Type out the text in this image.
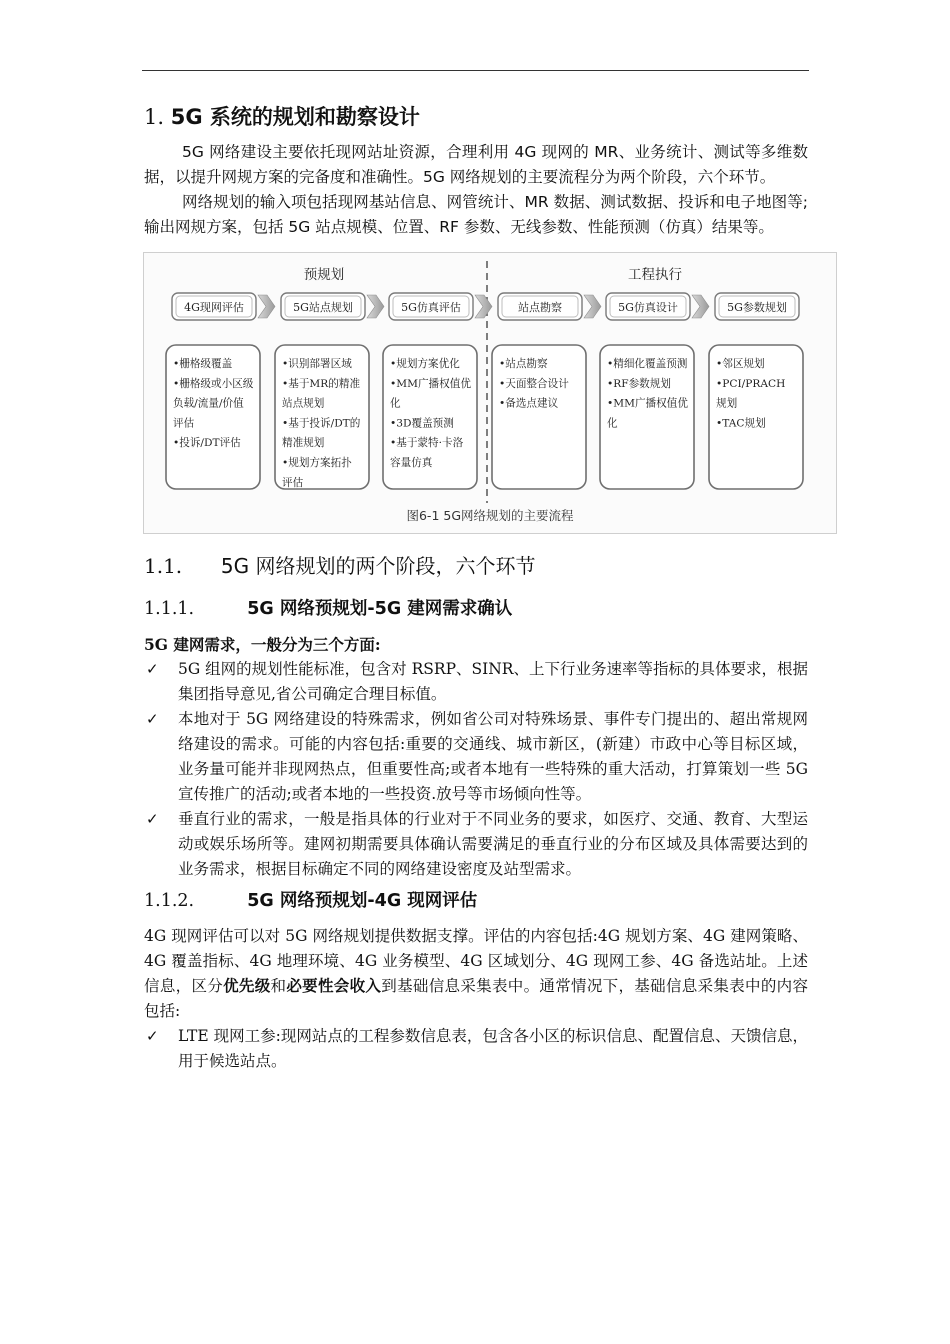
1. 5G 系统的规划和勘察设计

5G 网络建设主要依托现网站址资源，合理利用 4G 现网的 MR、业务统计、测试等多维数据，以提升网规方案的完备度和准确性。5G 网络规划的主要流程分为两个阶段，六个环节。

网络规划的输入项包括现网基站信息、网管统计、MR 数据、测试数据、投诉和电子地图等;输出网规方案，包括 5G 站点规模、位置、RF 参数、无线参数、性能预测（仿真）结果等。

预规划	工程执行
4G现网评估	5G站点规划	5G仿真评估	站点勘察	5G仿真设计	5G参数规划
•栅格级覆盖
•栅格级或小区级
负载/流量/价值
评估
•投诉/DT评估
•识别部署区域
•基于MR的精准
站点规划
•基于投诉/DT的
精准规划
•规划方案拓扑
评估
•规划方案优化
•MM广播权值优
化
•3D覆盖预测
•基于蒙特·卡洛
容量仿真
•站点勘察
•天面整合设计
•备选点建议
•精细化覆盖预测
•RF参数规划
•MM广播权值优
化
•邻区规划
•PCI/PRACH
规划
•TAC规划
图6-1 5G网络规划的主要流程
1.1. 5G 网络规划的两个阶段，六个环节
1.1.1.	5G 网络预规划-5G 建网需求确认

5G 建网需求，一般分为三个方面:

✓ 5G 组网的规划性能标准，包含对 RSRP、SINR、上下行业务速率等指标的具体要求，根据集团指导意见,省公司确定合理目标值。
✓ 本地对于 5G 网络建设的特殊需求，例如省公司对特殊场景、事件专门提出的、超出常规网络建设的需求。可能的内容包括:重要的交通线、城市新区，(新建）市政中心等目标区域，业务量可能并非现网热点，但重要性高;或者本地有一些特殊的重大活动，打算策划一些 5G 宣传推广的活动;或者本地的一些投资.放号等市场倾向性等。
✓ 垂直行业的需求，一般是指具体的行业对于不同业务的要求，如医疗、交通、教育、大型运动或娱乐场所等。建网初期需要具体确认需要满足的垂直行业的分布区域及具体需要达到的业务需求，根据目标确定不同的网络建设密度及站型需求。
1.1.2.	5G 网络预规划-4G 现网评估

4G 现网评估可以对 5G 网络规划提供数据支撑。评估的内容包括:4G 规划方案、4G 建网策略、4G 覆盖指标、4G 地理环境、4G 业务模型、4G 区域划分、4G 现网工参、4G 备选站址。上述信息，区分优先级和必要性会收入到基础信息采集表中。通常情况下，基础信息采集表中的内容包括:

✓ LTE 现网工参:现网站点的工程参数信息表，包含各小区的标识信息、配置信息、天馈信息，用于候选站点。
